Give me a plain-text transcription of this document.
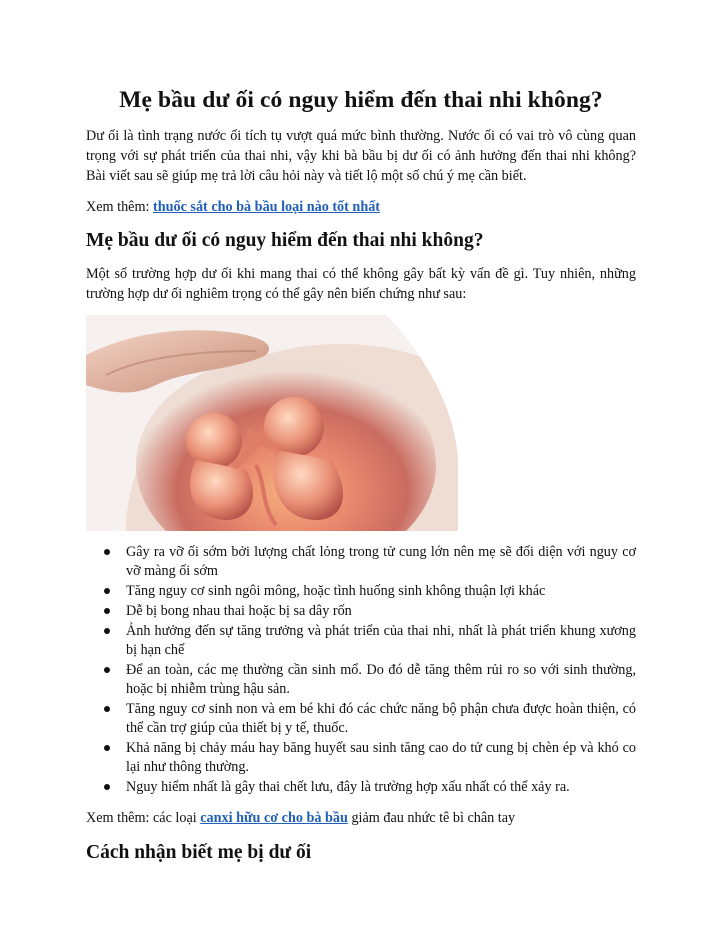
Mẹ bầu dư ối có nguy hiểm đến thai nhi không?

Dư ối là tình trạng nước ối tích tụ vượt quá mức bình thường. Nước ối có vai trò vô cùng quan trọng với sự phát triển của thai nhi, vậy khi bà bầu bị dư ối có ảnh hưởng đến thai nhi không? Bài viết sau sẽ giúp mẹ trả lời câu hỏi này và tiết lộ một số chú ý mẹ cần biết.

Xem thêm: thuốc sắt cho bà bầu loại nào tốt nhất

Mẹ bầu dư ối có nguy hiểm đến thai nhi không?

Một số trường hợp dư ối khi mang thai có thể không gây bất kỳ vấn đề gì. Tuy nhiên, những trường hợp dư ối nghiêm trọng có thể gây nên biến chứng như sau:

Gây ra vỡ ối sớm bởi lượng chất lỏng trong tử cung lớn nên mẹ sẽ đối diện với nguy cơ vỡ màng ối sớm
Tăng nguy cơ sinh ngôi mông, hoặc tình huống sinh không thuận lợi khác
Dễ bị bong nhau thai hoặc bị sa dây rốn
Ảnh hưởng đến sự tăng trưởng và phát triển của thai nhi, nhất là phát triển khung xương bị hạn chế
Để an toàn, các mẹ thường cần sinh mổ. Do đó dễ tăng thêm rủi ro so với sinh thường, hoặc bị nhiễm trùng hậu sản.
Tăng nguy cơ sinh non và em bé khi đó các chức năng bộ phận chưa được hoàn thiện, có thể cần trợ giúp của thiết bị y tế, thuốc.
Khả năng bị chảy máu hay băng huyết sau sinh tăng cao do tử cung bị chèn ép và khó co lại như thông thường.
Nguy hiểm nhất là gây thai chết lưu, đây là trường hợp xấu nhất có thể xảy ra.

Xem thêm: các loại canxi hữu cơ cho bà bầu giảm đau nhức tê bì chân tay

Cách nhận biết mẹ bị dư ối
